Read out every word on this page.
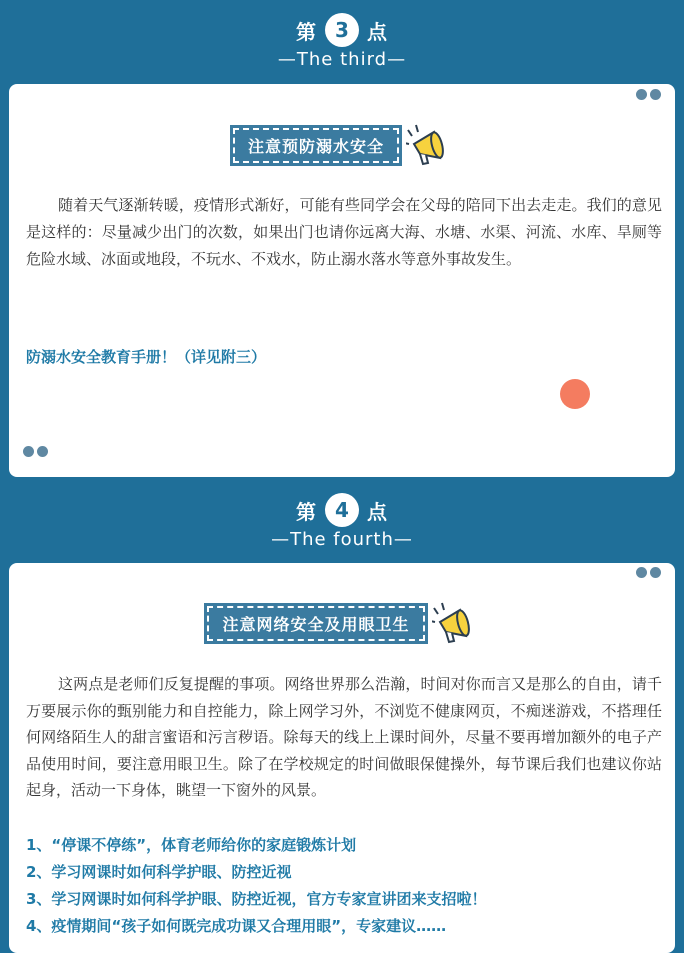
第 3 点
—The third—
注意预防溺水安全
随着天气逐渐转暖，疫情形式渐好，可能有些同学会在父母的陪同下出去走走。我们的意见是这样的：尽量减少出门的次数，如果出门也请你远离大海、水塘、水渠、河流、水库、旱厕等危险水域、冰面或地段，不玩水、不戏水，防止溺水落水等意外事故发生。
防溺水安全教育手册！（详见附三）
第 4 点
—The fourth—
注意网络安全及用眼卫生
这两点是老师们反复提醒的事项。网络世界那么浩瀚，时间对你而言又是那么的自由，请千万要展示你的甄别能力和自控能力，除上网学习外，不浏览不健康网页，不痴迷游戏，不搭理任何网络陌生人的甜言蜜语和污言秽语。除每天的线上上课时间外，尽量不要再增加额外的电子产品使用时间，要注意用眼卫生。除了在学校规定的时间做眼保健操外，每节课后我们也建议你站起身，活动一下身体，眺望一下窗外的风景。
1、“停课不停练”，体育老师给你的家庭锻炼计划
2、学习网课时如何科学护眼、防控近视
3、学习网课时如何科学护眼、防控近视，官方专家宣讲团来支招啦！
4、疫情期间“孩子如何既完成功课又合理用眼”，专家建议……
